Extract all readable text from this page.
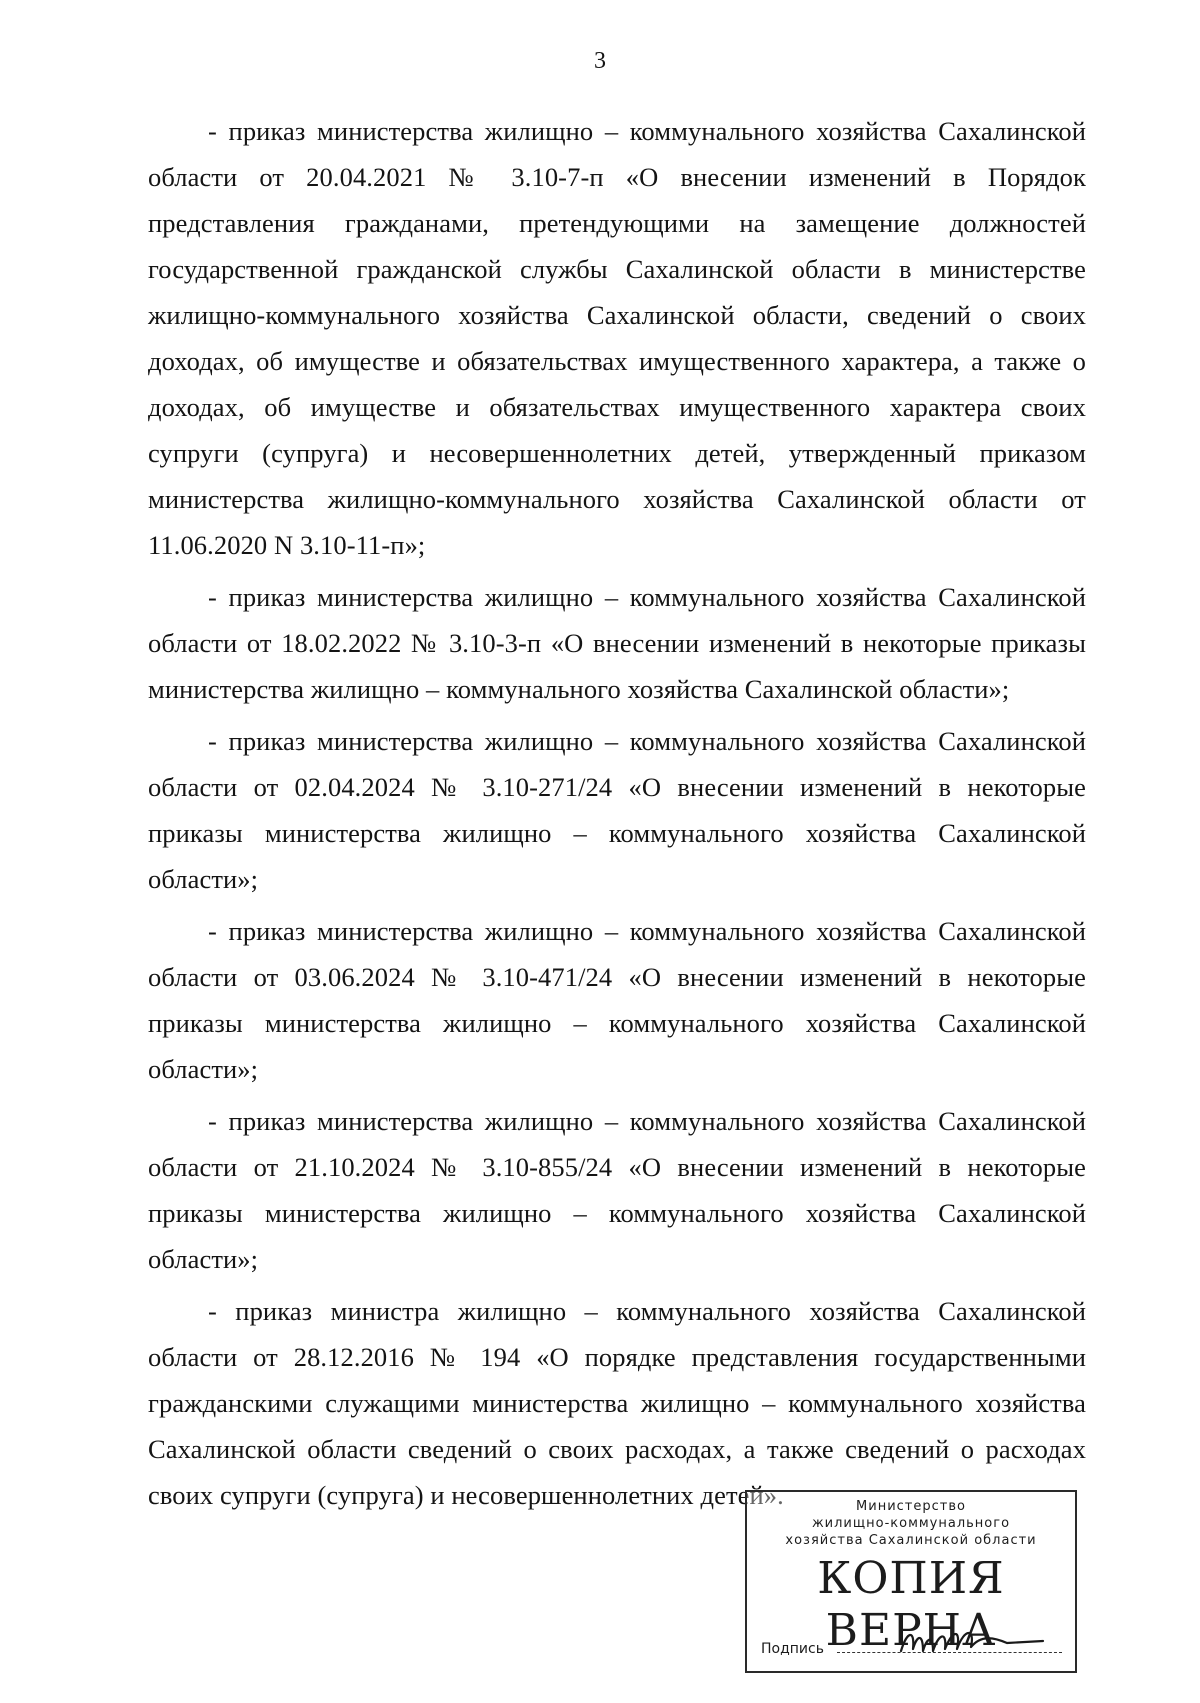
3

- приказ министерства жилищно – коммунального хозяйства Сахалинской области от 20.04.2021 № 3.10-7-п «О внесении изменений в Порядок представления гражданами, претендующими на замещение должностей государственной гражданской службы Сахалинской области в министерстве жилищно-коммунального хозяйства Сахалинской области, сведений о своих доходах, об имуществе и обязательствах имущественного характера, а также о доходах, об имуществе и обязательствах имущественного характера своих супруги (супруга) и несовершеннолетних детей, утвержденный приказом министерства жилищно-коммунального хозяйства Сахалинской области от 11.06.2020 N 3.10-11-п»;

- приказ министерства жилищно – коммунального хозяйства Сахалинской области от 18.02.2022 № 3.10-3-п «О внесении изменений в некоторые приказы министерства жилищно – коммунального хозяйства Сахалинской области»;

- приказ министерства жилищно – коммунального хозяйства Сахалинской области от 02.04.2024 № 3.10-271/24 «О внесении изменений в некоторые приказы министерства жилищно – коммунального хозяйства Сахалинской области»;

- приказ министерства жилищно – коммунального хозяйства Сахалинской области от 03.06.2024 № 3.10-471/24 «О внесении изменений в некоторые приказы министерства жилищно – коммунального хозяйства Сахалинской области»;

- приказ министерства жилищно – коммунального хозяйства Сахалинской области от 21.10.2024 № 3.10-855/24 «О внесении изменений в некоторые приказы министерства жилищно – коммунального хозяйства Сахалинской области»;

- приказ министра жилищно – коммунального хозяйства Сахалинской области от 28.12.2016 № 194 «О порядке представления государственными гражданскими служащими министерства жилищно – коммунального хозяйства Сахалинской области сведений о своих расходах, а также сведений о расходах своих супруги (супруга) и несовершеннолетних детей».	Министерство
жилищно-коммунального
хозяйства Сахалинской области
КОПИЯ ВЕРНА
Подпись
